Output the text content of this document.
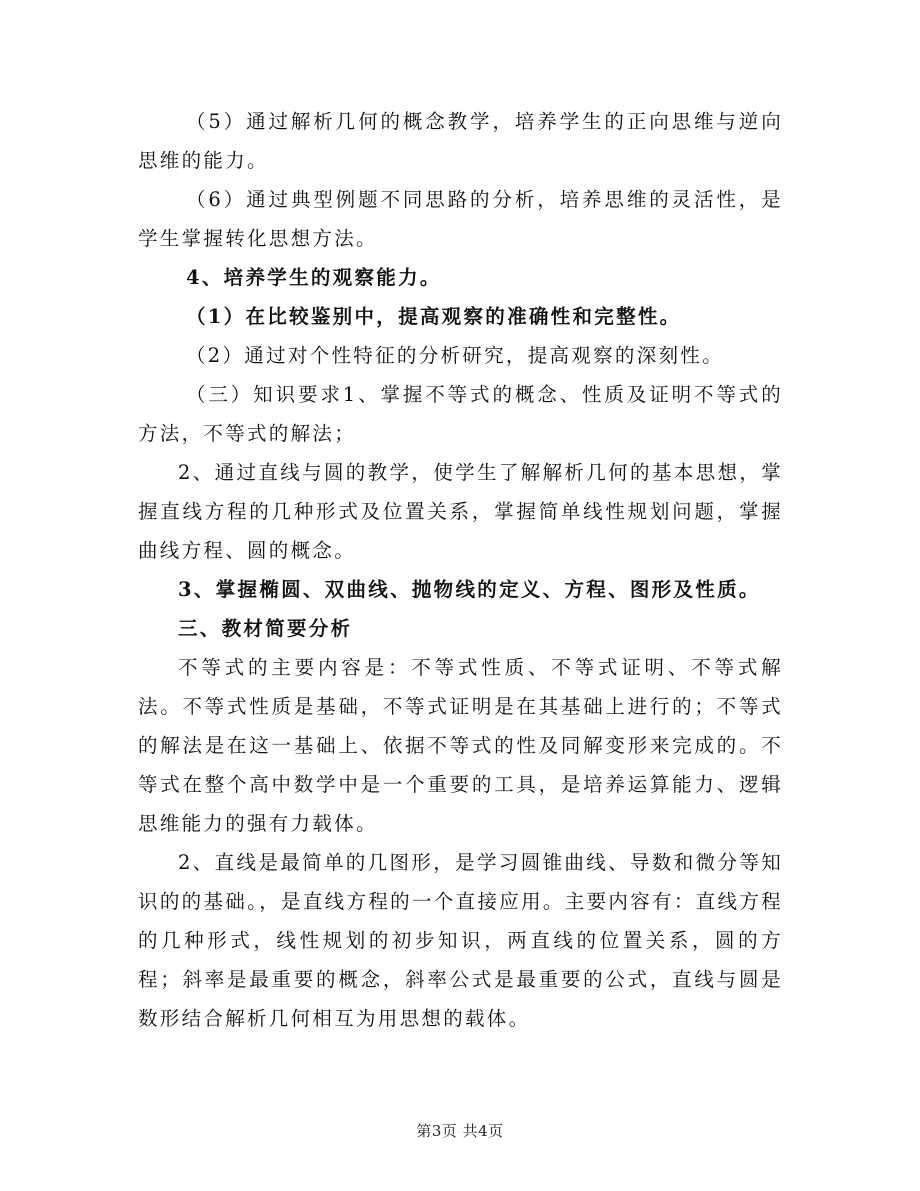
（5）通过解析几何的概念教学，培养学生的正向思维与逆向思维的能力。

（6）通过典型例题不同思路的分析，培养思维的灵活性，是学生掌握转化思想方法。

4、培养学生的观察能力。

（1）在比较鉴别中，提高观察的准确性和完整性。

（2）通过对个性特征的分析研究，提高观察的深刻性。

（三）知识要求1、掌握不等式的概念、性质及证明不等式的方法，不等式的解法；

2、通过直线与圆的教学，使学生了解解析几何的基本思想，掌握直线方程的几种形式及位置关系，掌握简单线性规划问题，掌握曲线方程、圆的概念。

3、掌握椭圆、双曲线、抛物线的定义、方程、图形及性质。

三、教材简要分析

不等式的主要内容是：不等式性质、不等式证明、不等式解法。不等式性质是基础，不等式证明是在其基础上进行的；不等式的解法是在这一基础上、依据不等式的性及同解变形来完成的。不等式在整个高中数学中是一个重要的工具，是培养运算能力、逻辑思维能力的强有力载体。

2、直线是最简单的几图形，是学习圆锥曲线、导数和微分等知识的的基础。，是直线方程的一个直接应用。主要内容有：直线方程的几种形式，线性规划的初步知识，两直线的位置关系，圆的方程；斜率是最重要的概念，斜率公式是最重要的公式，直线与圆是数形结合解析几何相互为用思想的载体。

第3页 共4页
